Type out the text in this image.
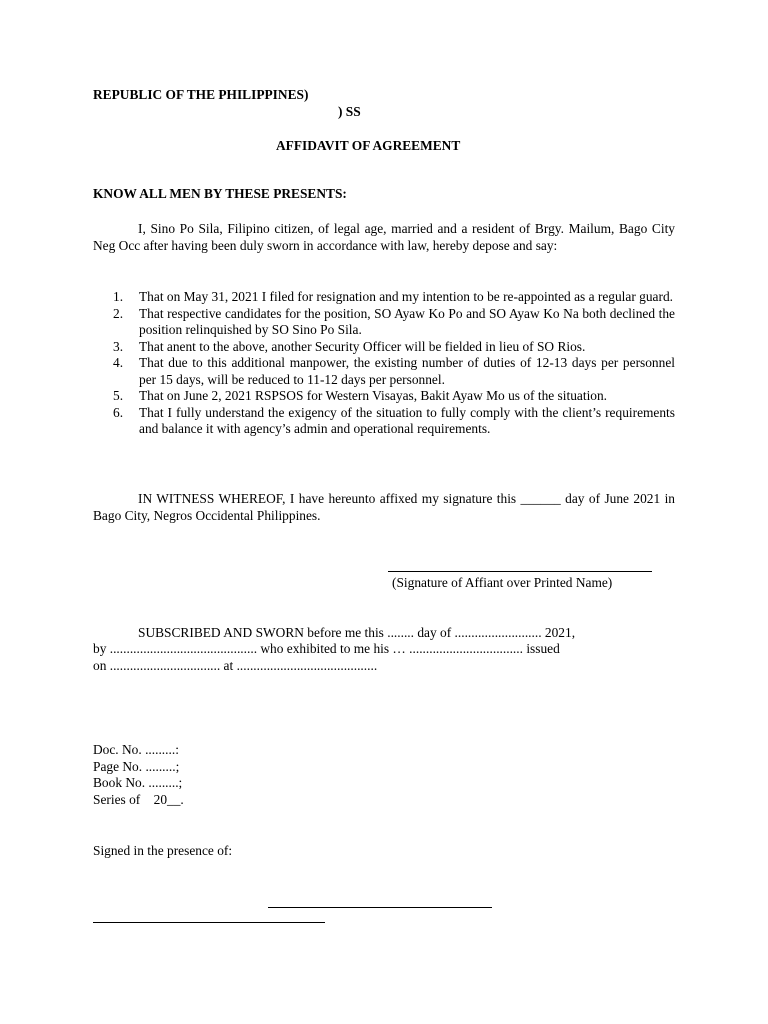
REPUBLIC OF THE PHILIPPINES)
) SS
AFFIDAVIT OF AGREEMENT
KNOW ALL MEN BY THESE PRESENTS:
I, Sino Po Sila, Filipino citizen, of legal age, married and a resident of Brgy. Mailum, Bago City Neg Occ after having been duly sworn in accordance with law, hereby depose and say:
1. That on May 31, 2021 I filed for resignation and my intention to be re-appointed as a regular guard.
2. That respective candidates for the position, SO Ayaw Ko Po and SO Ayaw Ko Na both declined the position relinquished by SO Sino Po Sila.
3. That anent to the above, another Security Officer will be fielded in lieu of SO Rios.
4. That due to this additional manpower, the existing number of duties of 12-13 days per personnel per 15 days, will be reduced to 11-12 days per personnel.
5. That on June 2, 2021 RSPSOS for Western Visayas, Bakit Ayaw Mo us of the situation.
6. That I fully understand the exigency of the situation to fully comply with the client’s requirements and balance it with agency’s admin and operational requirements.
IN WITNESS WHEREOF, I have hereunto affixed my signature this ______ day of June 2021 in Bago City, Negros Occidental Philippines.
(Signature of Affiant over Printed Name)
SUBSCRIBED AND SWORN before me this ........ day of .......................... 2021,
by ............................................ who exhibited to me his … .................................. issued
on ................................. at ..........................................
Doc. No. .........:
Page No. .........;
Book No. .........;
Series of    20__.
Signed in the presence of:
